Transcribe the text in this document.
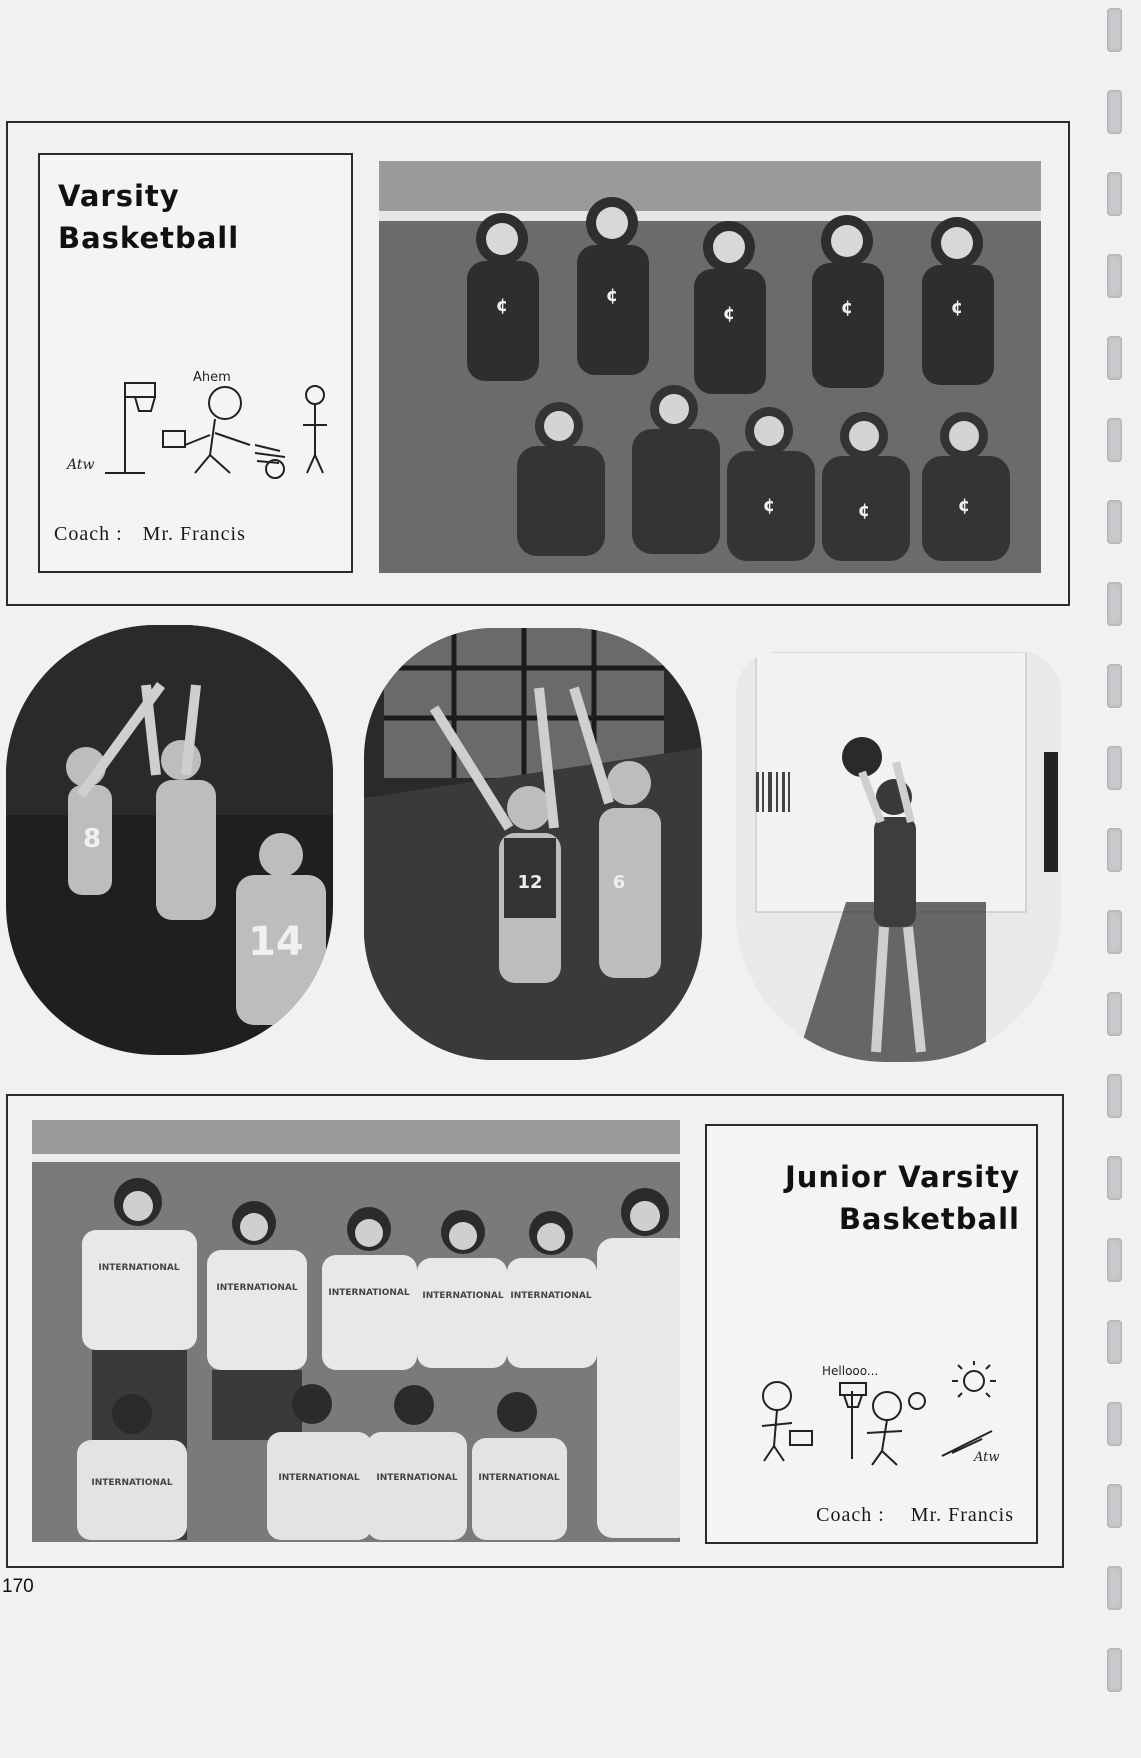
Varsity
Basketball
Ahem
Atw
Coach : Mr. Francis
¢	¢
¢	¢	¢
¢	¢	¢
14
8
12	6
INTERNATIONAL
INTERNATIONAL	INTERNATIONAL INTERNATIONAL INTERNATIONAL
INTERNATIONAL	INTERNATIONAL INTERNATIONAL INTERNATIONAL
Junior Varsity
Basketball
Hellooo...
Atw
Coach : Mr. Francis
170
